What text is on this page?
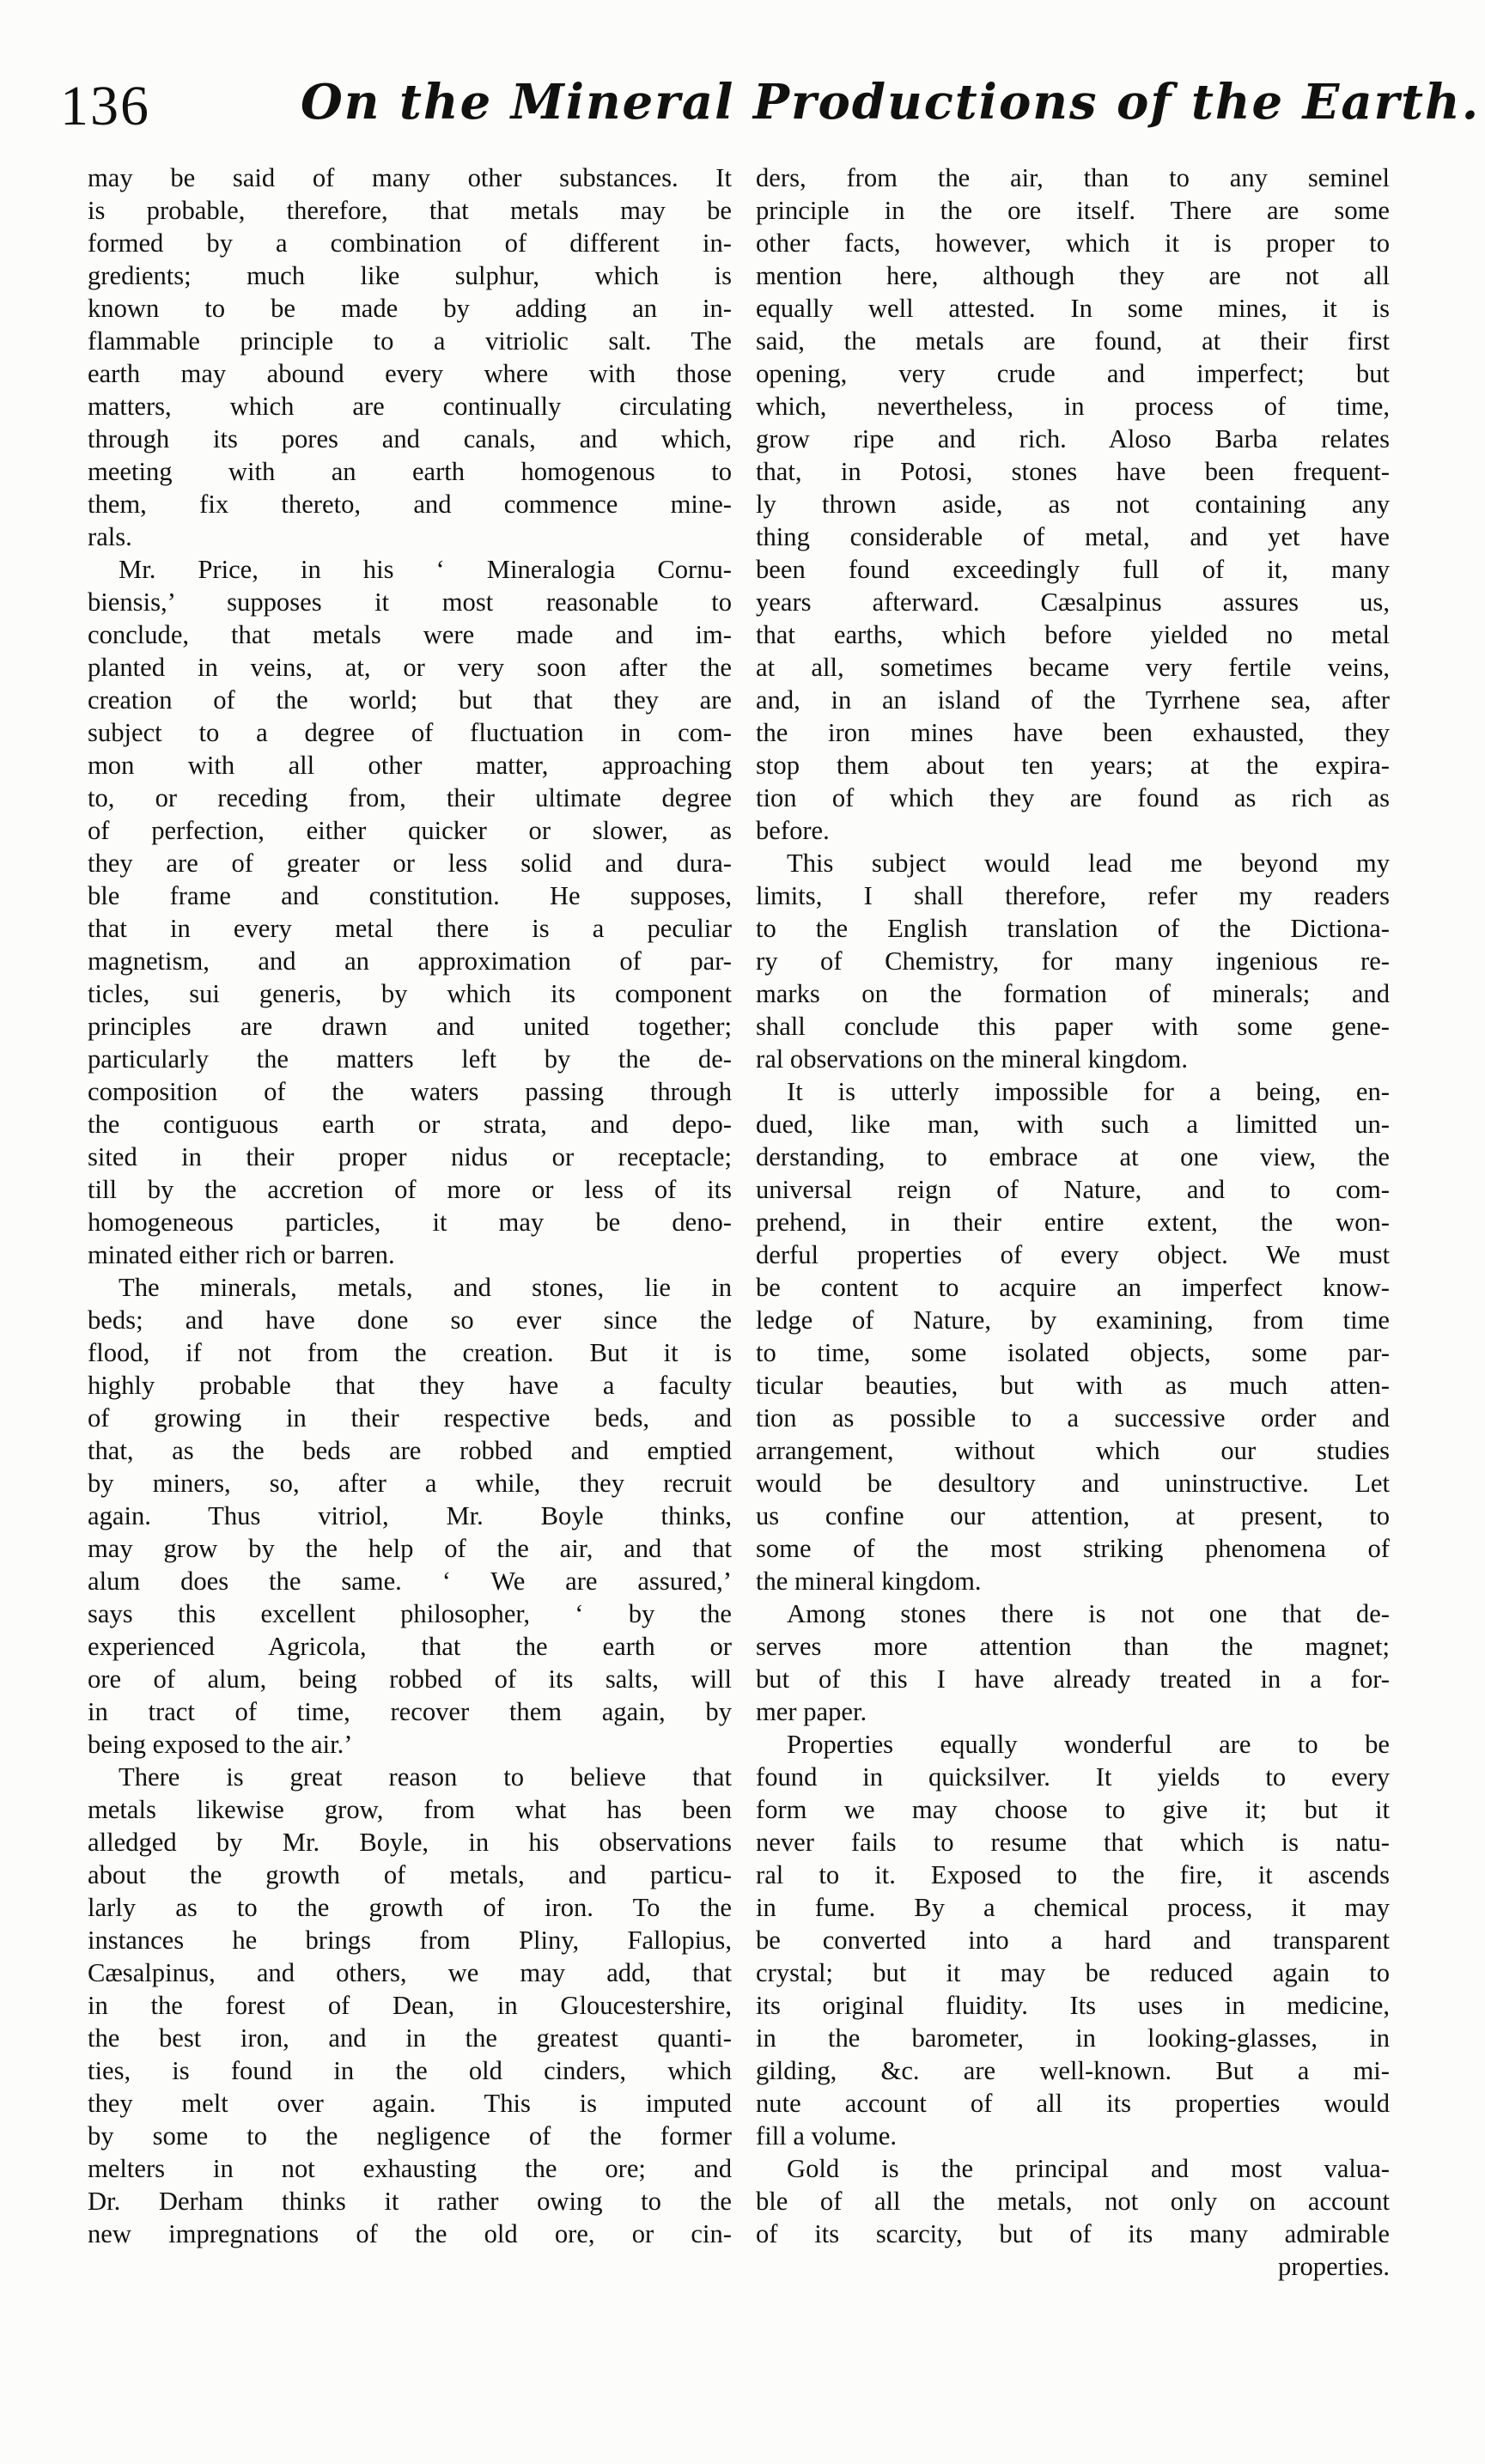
136	On the Mineral Productions of the Earth.
may be said of many other substances. It
is probable, therefore, that metals may be
formed by a combination of different in-
gredients; much like sulphur, which is
known to be made by adding an in-
flammable principle to a vitriolic salt. The
earth may abound every where with those
matters, which are continually circulating
through its pores and canals, and which,
meeting with an earth homogenous to
them, fix thereto, and commence mine-
rals.
Mr. Price, in his ‘ Mineralogia Cornu-
biensis,’ supposes it most reasonable to
conclude, that metals were made and im-
planted in veins, at, or very soon after the
creation of the world; but that they are
subject to a degree of fluctuation in com-
mon with all other matter, approaching
to, or receding from, their ultimate degree
of perfection, either quicker or slower, as
they are of greater or less solid and dura-
ble frame and constitution. He supposes,
that in every metal there is a peculiar
magnetism, and an approximation of par-
ticles, sui generis, by which its component
principles are drawn and united together;
particularly the matters left by the de-
composition of the waters passing through
the contiguous earth or strata, and depo-
sited in their proper nidus or receptacle;
till by the accretion of more or less of its
homogeneous particles, it may be deno-
minated either rich or barren.
The minerals, metals, and stones, lie in
beds; and have done so ever since the
flood, if not from the creation. But it is
highly probable that they have a faculty
of growing in their respective beds, and
that, as the beds are robbed and emptied
by miners, so, after a while, they recruit
again. Thus vitriol, Mr. Boyle thinks,
may grow by the help of the air, and that
alum does the same. ‘ We are assured,’
says this excellent philosopher, ‘ by the
experienced Agricola, that the earth or
ore of alum, being robbed of its salts, will
in tract of time, recover them again, by
being exposed to the air.’
There is great reason to believe that
metals likewise grow, from what has been
alledged by Mr. Boyle, in his observations
about the growth of metals, and particu-
larly as to the growth of iron. To the
instances he brings from Pliny, Fallopius,
Cæsalpinus, and others, we may add, that
in the forest of Dean, in Gloucestershire,
the best iron, and in the greatest quanti-
ties, is found in the old cinders, which
they melt over again. This is imputed
by some to the negligence of the former
melters in not exhausting the ore; and
Dr. Derham thinks it rather owing to the
new impregnations of the old ore, or cin-
ders, from the air, than to any seminel
principle in the ore itself. There are some
other facts, however, which it is proper to
mention here, although they are not all
equally well attested. In some mines, it is
said, the metals are found, at their first
opening, very crude and imperfect; but
which, nevertheless, in process of time,
grow ripe and rich. Aloso Barba relates
that, in Potosi, stones have been frequent-
ly thrown aside, as not containing any
thing considerable of metal, and yet have
been found exceedingly full of it, many
years afterward. Cæsalpinus assures us,
that earths, which before yielded no metal
at all, sometimes became very fertile veins,
and, in an island of the Tyrrhene sea, after
the iron mines have been exhausted, they
stop them about ten years; at the expira-
tion of which they are found as rich as
before.
This subject would lead me beyond my
limits, I shall therefore, refer my readers
to the English translation of the Dictiona-
ry of Chemistry, for many ingenious re-
marks on the formation of minerals; and
shall conclude this paper with some gene-
ral observations on the mineral kingdom.
It is utterly impossible for a being, en-
dued, like man, with such a limitted un-
derstanding, to embrace at one view, the
universal reign of Nature, and to com-
prehend, in their entire extent, the won-
derful properties of every object. We must
be content to acquire an imperfect know-
ledge of Nature, by examining, from time
to time, some isolated objects, some par-
ticular beauties, but with as much atten-
tion as possible to a successive order and
arrangement, without which our studies
would be desultory and uninstructive. Let
us confine our attention, at present, to
some of the most striking phenomena of
the mineral kingdom.
Among stones there is not one that de-
serves more attention than the magnet;
but of this I have already treated in a for-
mer paper.
Properties equally wonderful are to be
found in quicksilver. It yields to every
form we may choose to give it; but it
never fails to resume that which is natu-
ral to it. Exposed to the fire, it ascends
in fume. By a chemical process, it may
be converted into a hard and transparent
crystal; but it may be reduced again to
its original fluidity. Its uses in medicine,
in the barometer, in looking-glasses, in
gilding, &c. are well-known. But a mi-
nute account of all its properties would
fill a volume.
Gold is the principal and most valua-
ble of all the metals, not only on account
of its scarcity, but of its many admirable
properties.
